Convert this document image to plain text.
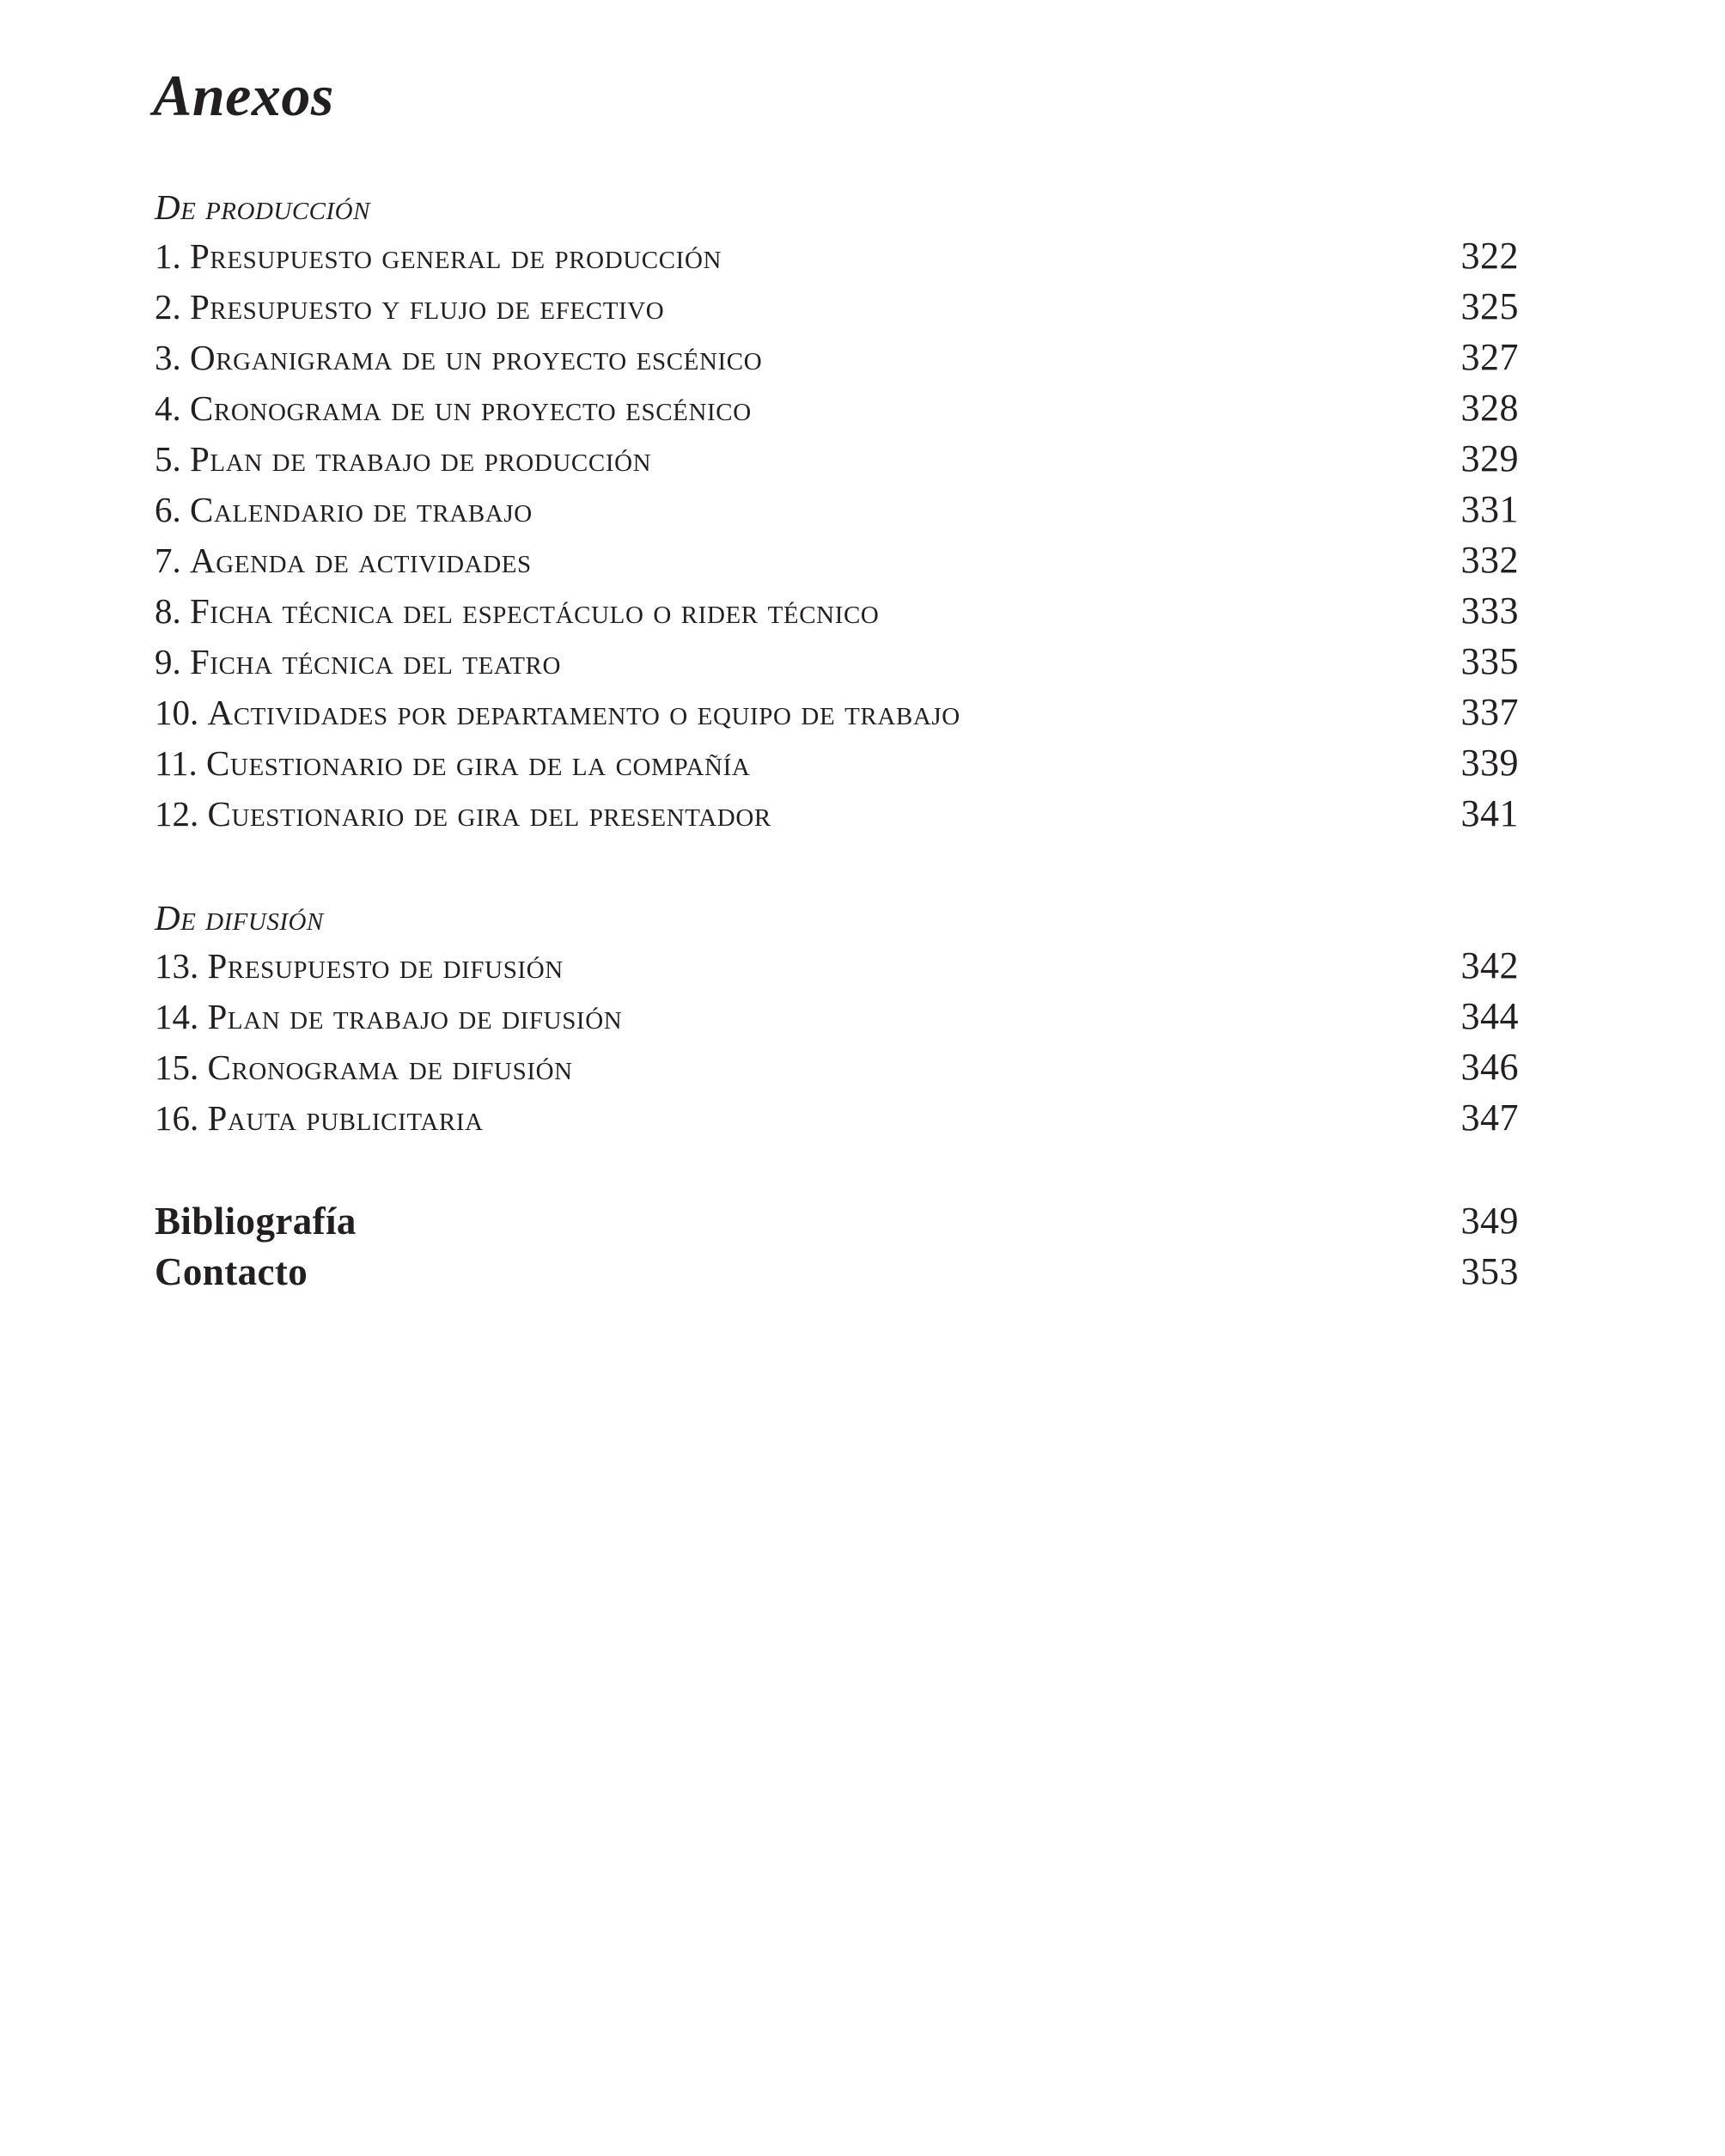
Anexos
De producción
1. Presupuesto general de producción	322
2. Presupuesto y flujo de efectivo	325
3. Organigrama de un proyecto escénico	327
4. Cronograma de un proyecto escénico	328
5. Plan de trabajo de producción	329
6. Calendario de trabajo	331
7. Agenda de actividades	332
8. Ficha técnica del espectáculo o rider técnico	333
9. Ficha técnica del teatro	335
10. Actividades por departamento o equipo de trabajo	337
11. Cuestionario de gira de la compañía	339
12. Cuestionario de gira del presentador	341
De difusión
13. Presupuesto de difusión	342
14. Plan de trabajo de difusión	344
15. Cronograma de difusión	346
16. Pauta publicitaria	347
Bibliografía	349
Contacto	353
